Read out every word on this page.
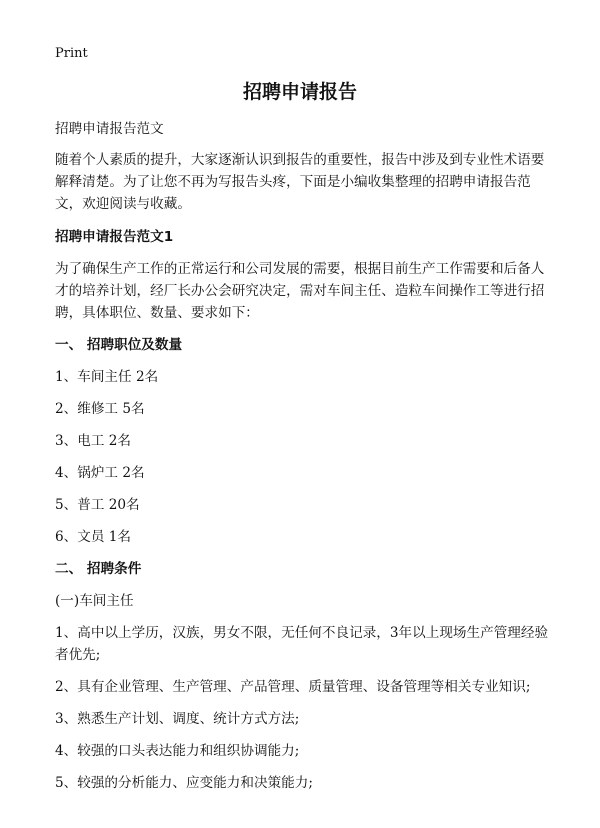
Print
招聘申请报告

招聘申请报告范文

随着个人素质的提升，大家逐渐认识到报告的重要性，报告中涉及到专业性术语要解释清楚。为了让您不再为写报告头疼，下面是小编收集整理的招聘申请报告范文，欢迎阅读与收藏。

招聘申请报告范文1

为了确保生产工作的正常运行和公司发展的需要，根据目前生产工作需要和后备人才的培养计划，经厂长办公会研究决定，需对车间主任、造粒车间操作工等进行招聘，具体职位、数量、要求如下：

一、 招聘职位及数量
1、车间主任 2名
2、维修工 5名
3、电工 2名
4、锅炉工 2名
5、普工 20名
6、文员 1名
二、 招聘条件
(一)车间主任
1、高中以上学历，汉族，男女不限，无任何不良记录，3年以上现场生产管理经验者优先;
2、具有企业管理、生产管理、产品管理、质量管理、设备管理等相关专业知识;
3、熟悉生产计划、调度、统计方式方法;
4、较强的口头表达能力和组织协调能力;
5、较强的分析能力、应变能力和决策能力;
